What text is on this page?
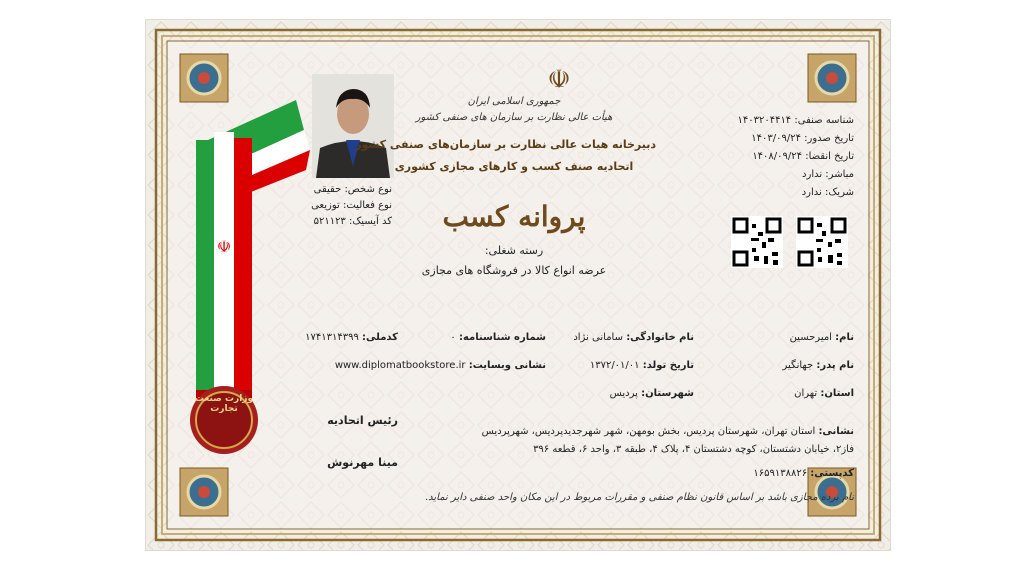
☫
☫
وزارت صنعت تجارت
نوع شخص: حقیقی
نوع فعالیت: توزیعی
کد آیسیک: ۵۲۱۱۲۳
جمهوری اسلامی ایران
هیأت عالی نظارت بر سازمان های صنفی کشور
دبیرخانه هیات عالی نظارت بر سازمان‌های صنفی کشور
اتحادیه صنف کسب و کارهای مجازی کشوری
پروانه کسب
رسته شغلی:
عرضه انواع کالا در فروشگاه های مجازی
شناسه صنفی: ۱۴۰۳۲۰۴۴۱۴
تاریخ صدور: ۱۴۰۳/۰۹/۲۴
تاریخ انقضا: ۱۴۰۸/۰۹/۲۴
مباشر: ندارد
شریک: ندارد
نام: امیرحسین
نام خانوادگی: سامانی نژاد
شماره شناسنامه: ۰
کدملی: ۱۷۴۱۳۱۴۳۹۹
نام پدر: جهانگیر
تاریخ تولد: ۱۳۷۲/۰۱/۰۱
نشانی وبسایت: www.diplomatbookstore.ir
استان: تهران
شهرستان: پردیس
نشانی: استان تهران، شهرستان پردیس، بخش بومهن، شهر شهرجدیدپردیس، شهرپردیس
فاز۲، خیابان دشتستان، کوچه دشتستان ۴، پلاک ۴، طبقه ۳، واحد ۶، قطعه ۳۹۶
کدپستی: ۱۶۵۹۱۳۸۸۲۶
رئیس اتحادیه
مینا مهرنوش
نام برده مجازی باشد بر اساس قانون نظام صنفی و مقررات مربوط در این مکان واحد صنفی دایر نماید.
